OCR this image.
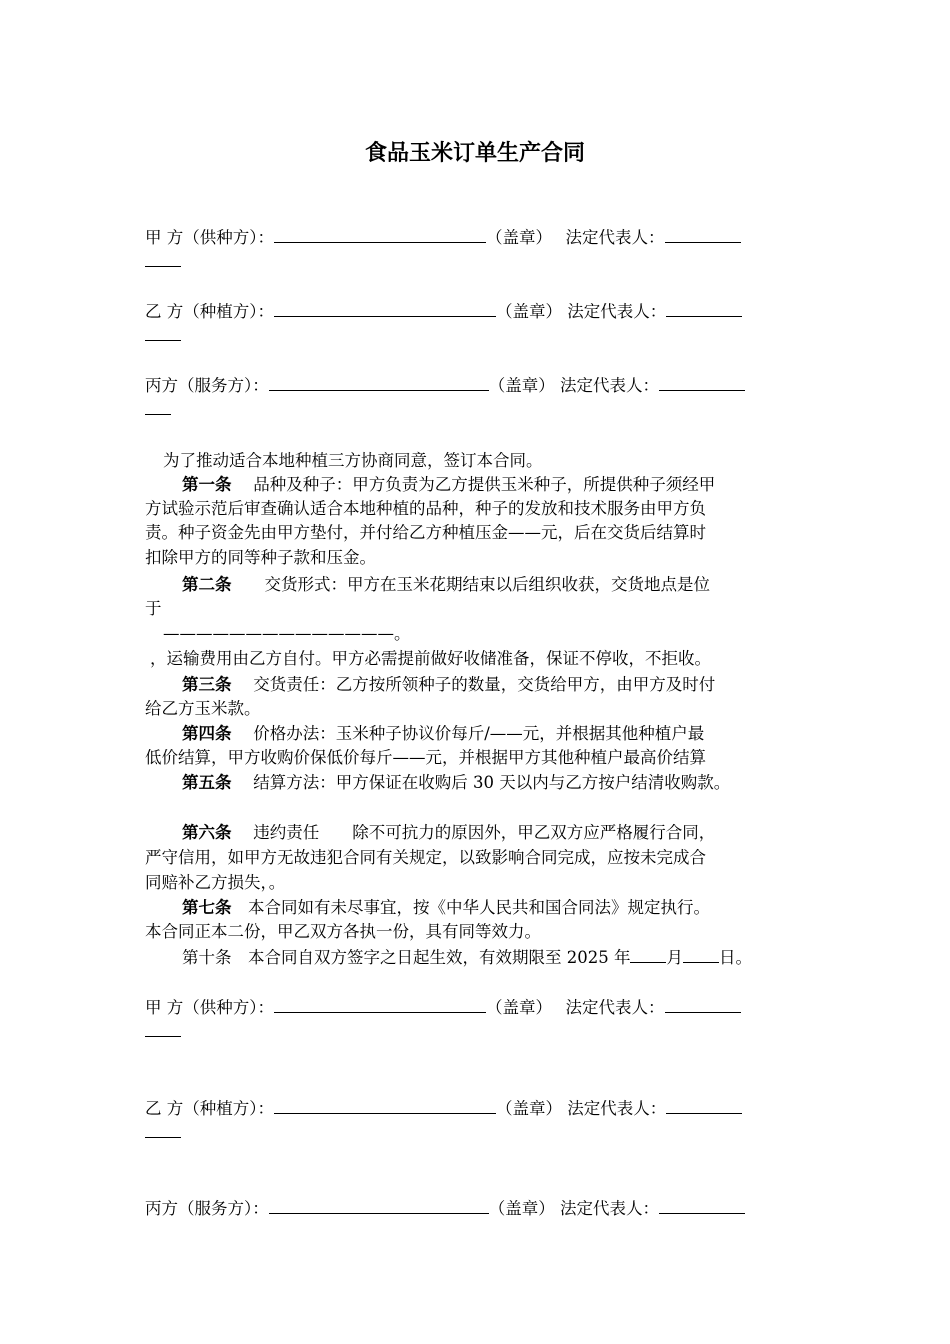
食品玉米订单生产合同
甲 方（供种方）：	（盖章）　 法定代表人：
乙 方（种植方）：	（盖章） 法定代表人：
丙方（服务方）：	（盖章） 法定代表人：
为了推动适合本地种植三方协商同意，签订本合同。
第一条　 品种及种子：甲方负责为乙方提供玉米种子，所提供种子须经甲
方试验示范后审查确认适合本地种植的品种，种子的发放和技术服务由甲方负
责。种子资金先由甲方垫付，并付给乙方种植压金——元，后在交货后结算时
扣除甲方的同等种子款和压金。
第二条　　 交货形式：甲方在玉米花期结束以后组织收获，交货地点是位
于
——————————————。
，运输费用由乙方自付。甲方必需提前做好收储准备，保证不停收，不拒收。
第三条　 交货责任：乙方按所领种子的数量，交货给甲方，由甲方及时付
给乙方玉米款。
第四条　 价格办法：玉米种子协议价每斤/——元，并根据其他种植户最
低价结算，甲方收购价保低价每斤——元，并根据甲方其他种植户最高价结算
第五条　 结算方法：甲方保证在收购后 30 天以内与乙方按户结清收购款。
第六条　 违约责任　　除不可抗力的原因外，甲乙双方应严格履行合同，
严守信用，如甲方无故违犯合同有关规定，以致影响合同完成，应按未完成合
同赔补乙方损失，。
第七条　 本合同如有未尽事宜，按《中华人民共和国合同法》规定执行。
本合同正本二份，甲乙双方各执一份，具有同等效力。
第十条　本合同自双方签字之日起生效，有效期限至 2025 年 月 日。
甲 方（供种方）：	（盖章）　 法定代表人：
乙 方（种植方）：	（盖章） 法定代表人：
丙方（服务方）：	（盖章） 法定代表人：
